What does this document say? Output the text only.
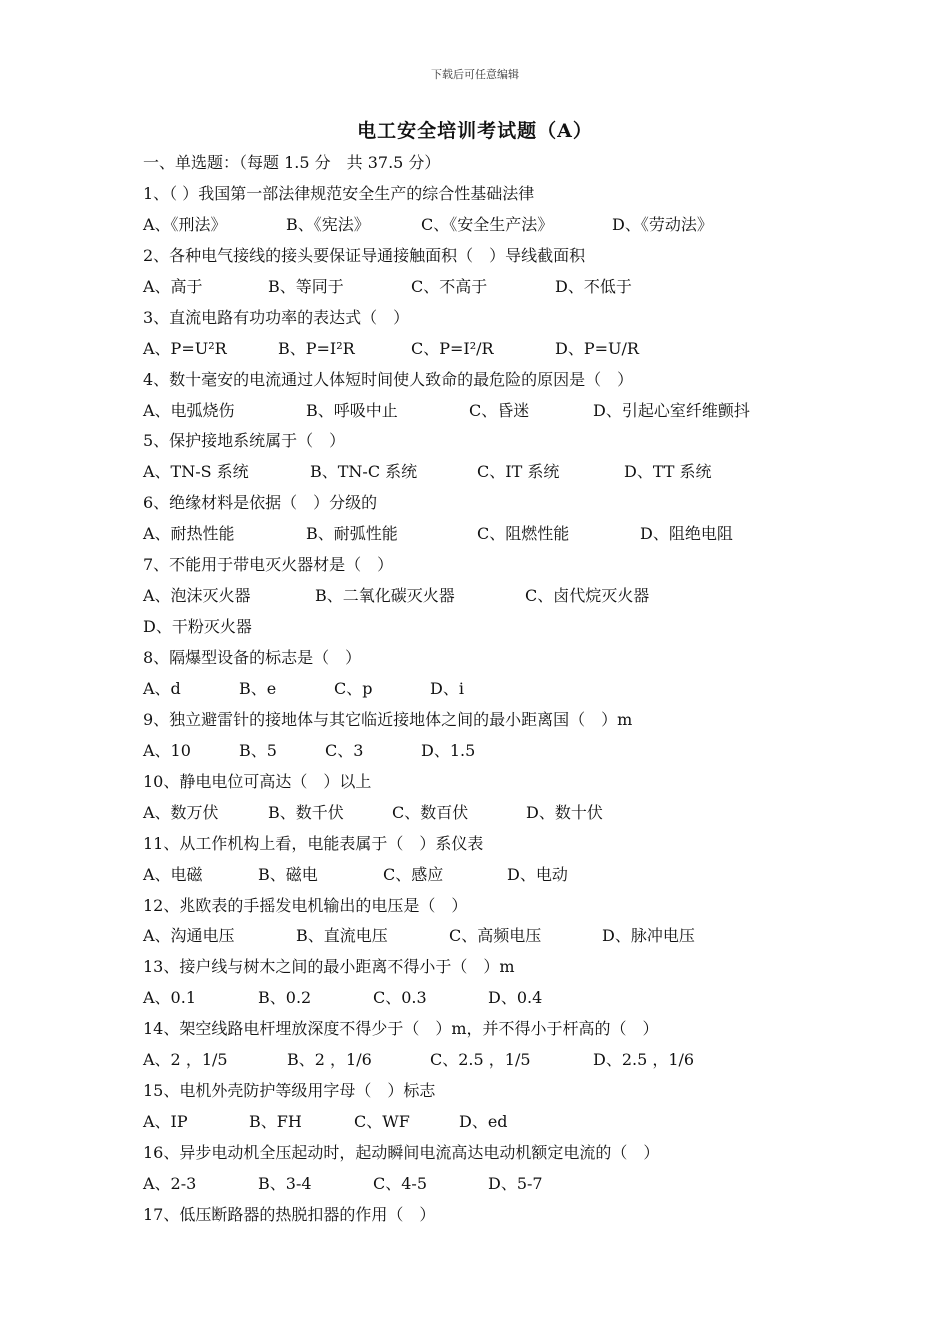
下载后可任意编辑
电工安全培训考试题（A）
一、单选题：（每题 1.5 分　共 37.5 分）
1、（ ）我国第一部法律规范安全生产的综合性基础法律
A、《刑法》	B、《宪法》	C、《安全生产法》	D、《劳动法》
2、各种电气接线的接头要保证导通接触面积（　）导线截面积
A、高于	B、等同于	C、不高于	D、不低于
3、直流电路有功功率的表达式（　）
A、P=U²R	B、P=I²R	C、P=I²/R	D、P=U/R
4、数十毫安的电流通过人体短时间使人致命的最危险的原因是（　）
A、电弧烧伤	B、呼吸中止	C、昏迷	D、引起心室纤维颤抖
5、保护接地系统属于（　）
A、TN-S 系统	B、TN-C 系统	C、IT 系统	D、TT 系统
6、绝缘材料是依据（　）分级的
A、耐热性能	B、耐弧性能	C、阻燃性能	D、阻绝电阻
7、不能用于带电灭火器材是（　）
A、泡沫灭火器	B、二氧化碳灭火器	C、卤代烷灭火器
D、干粉灭火器
8、隔爆型设备的标志是（　）
A、d	B、e	C、p	D、i
9、独立避雷针的接地体与其它临近接地体之间的最小距离国（　）m
A、10	B、5	C、3	D、1.5
10、静电电位可高达（　）以上
A、数万伏	B、数千伏	C、数百伏	D、数十伏
11、从工作机构上看，电能表属于（　）系仪表
A、电磁	B、磁电	C、感应	D、电动
12、兆欧表的手摇发电机输出的电压是（　）
A、沟通电压	B、直流电压	C、高频电压	D、脉冲电压
13、接户线与树木之间的最小距离不得小于（　）m
A、0.1	B、0.2	C、0.3	D、0.4
14、架空线路电杆埋放深度不得少于（　）m，并不得小于杆高的（　）
A、2 ，1/5	B、2 ，1/6	C、2.5 ，1/5	D、2.5 ，1/6
15、电机外壳防护等级用字母（　）标志
A、IP	B、FH	C、WF	D、ed
16、异步电动机全压起动时，起动瞬间电流高达电动机额定电流的（　）
A、2-3	B、3-4	C、4-5	D、5-7
17、低压断路器的热脱扣器的作用（　）
